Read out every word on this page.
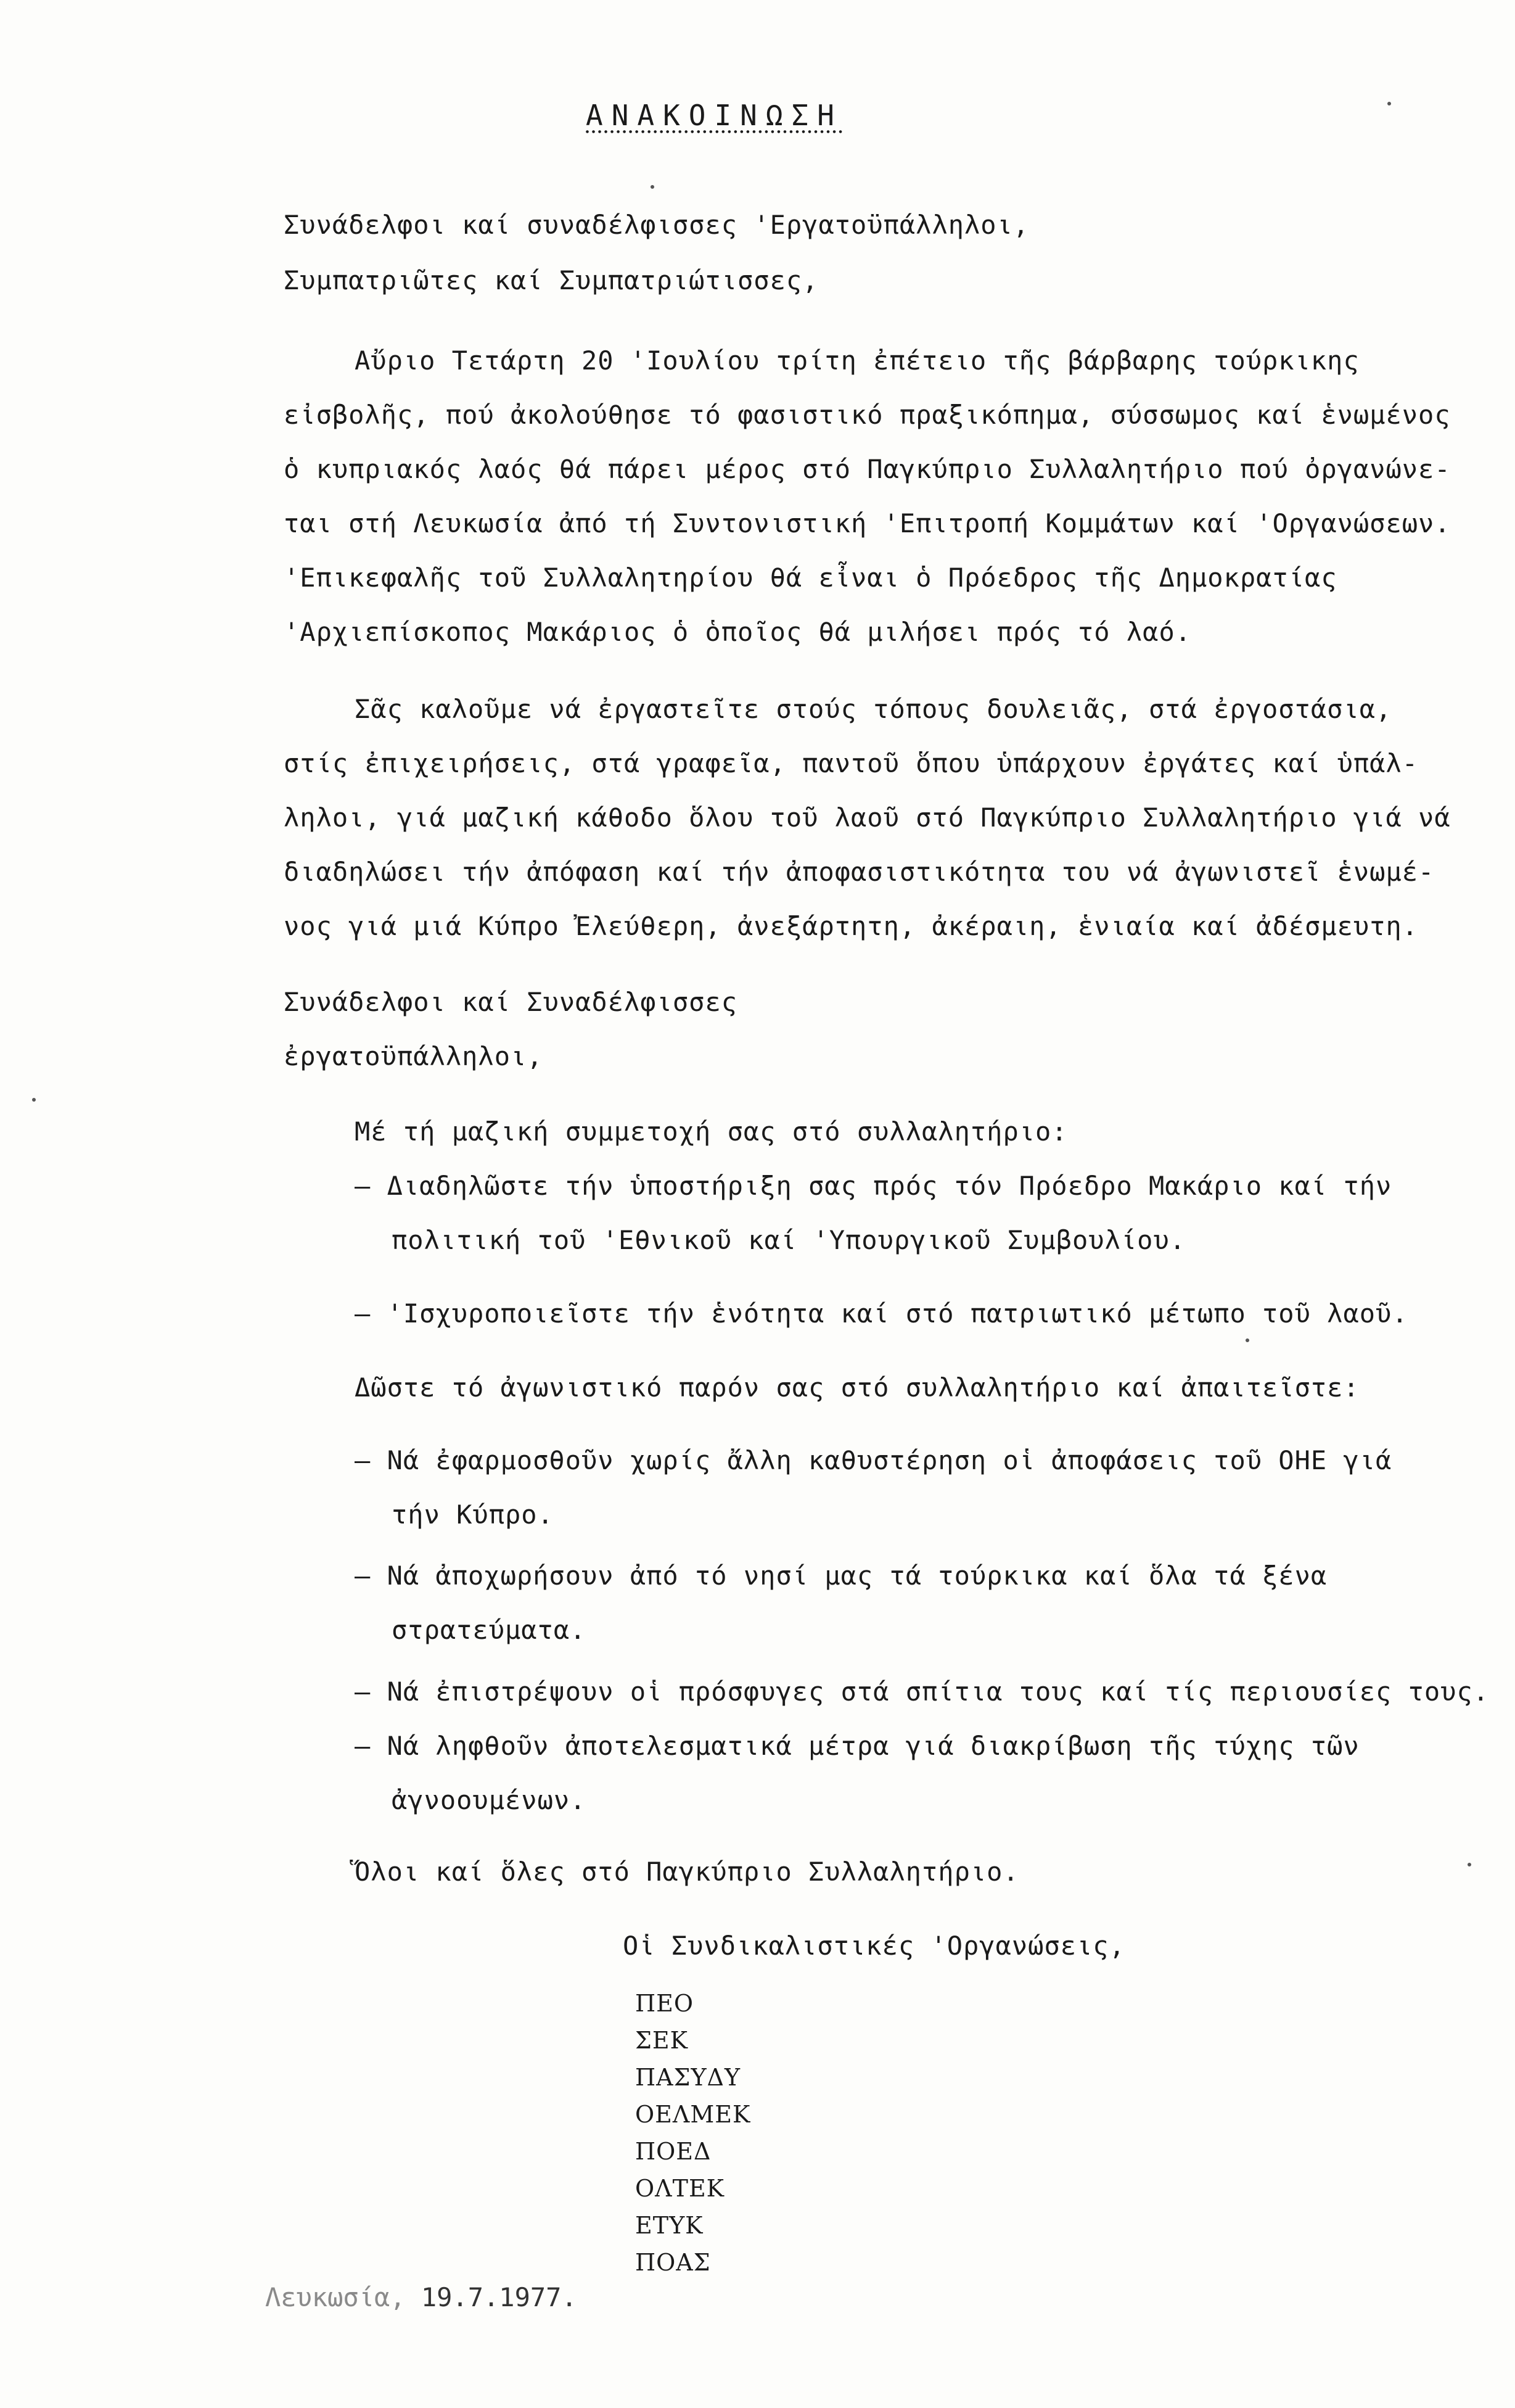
ΑΝΑΚΟΙΝΩΣΗ
Συνάδελφοι καί συναδέλφισσες 'Εργατοϋπάλληλοι,
Συμπατριῶτες καί Συμπατριώτισσες,
Αὔριο Τετάρτη 20 'Ιουλίου τρίτη ἐπέτειο τῆς βάρβαρης τούρκικης
εἰσβολῆς, πού ἀκολούθησε τό φασιστικό πραξικόπημα, σύσσωμος καί ἑνωμένος
ὁ κυπριακός λαός θά πάρει μέρος στό Παγκύπριο Συλλαλητήριο πού ὀργανώνε-
ται στή Λευκωσία ἀπό τή Συντονιστική 'Επιτροπή Κομμάτων καί 'Οργανώσεων.
'Επικεφαλῆς τοῦ Συλλαλητηρίου θά εἶναι ὁ Πρόεδρος τῆς Δημοκρατίας
'Αρχιεπίσκοπος Μακάριος ὁ ὁποῖος θά μιλήσει πρός τό λαό.
Σᾶς καλοῦμε νά ἐργαστεῖτε στούς τόπους δουλειᾶς, στά ἐργοστάσια,
στίς ἐπιχειρήσεις, στά γραφεῖα, παντοῦ ὅπου ὑπάρχουν ἐργάτες καί ὑπάλ-
ληλοι, γιά μαζική κάθοδο ὅλου τοῦ λαοῦ στό Παγκύπριο Συλλαλητήριο γιά νά
διαδηλώσει τήν ἀπόφαση καί τήν ἀποφασιστικότητα του νά ἀγωνιστεῖ ἑνωμέ-
νος γιά μιά Κύπρο Ἐλεύθερη, ἀνεξάρτητη, ἀκέραιη, ἑνιαία καί ἀδέσμευτη.
Συνάδελφοι καί Συναδέλφισσες
ἐργατοϋπάλληλοι,
Μέ τή μαζική συμμετοχή σας στό συλλαλητήριο:
– Διαδηλῶστε τήν ὑποστήριξη σας πρός τόν Πρόεδρο Μακάριο καί τήν
πολιτική τοῦ 'Εθνικοῦ καί 'Υπουργικοῦ Συμβουλίου.
– 'Ισχυροποιεῖστε τήν ἑνότητα καί στό πατριωτικό μέτωπο τοῦ λαοῦ.
Δῶστε τό ἀγωνιστικό παρόν σας στό συλλαλητήριο καί ἀπαιτεῖστε:
– Νά ἐφαρμοσθοῦν χωρίς ἄλλη καθυστέρηση οἱ ἀποφάσεις τοῦ ΟΗΕ γιά
τήν Κύπρο.
– Νά ἀποχωρήσουν ἀπό τό νησί μας τά τούρκικα καί ὅλα τά ξένα
στρατεύματα.
– Νά ἐπιστρέψουν οἱ πρόσφυγες στά σπίτια τους καί τίς περιουσίες τους.
– Νά ληφθοῦν ἀποτελεσματικά μέτρα γιά διακρίβωση τῆς τύχης τῶν
ἀγνοουμένων.
Ὅλοι καί ὅλες στό Παγκύπριο Συλλαλητήριο.
Οἱ Συνδικαλιστικές 'Οργανώσεις,
ΠΕΟ
ΣΕΚ
ΠΑΣΥΔΥ
ΟΕΛΜΕΚ
ΠΟΕΔ
ΟΛΤΕΚ
ΕΤΥΚ
ΠΟΑΣ
Λευκωσία, 19.7.1977.
